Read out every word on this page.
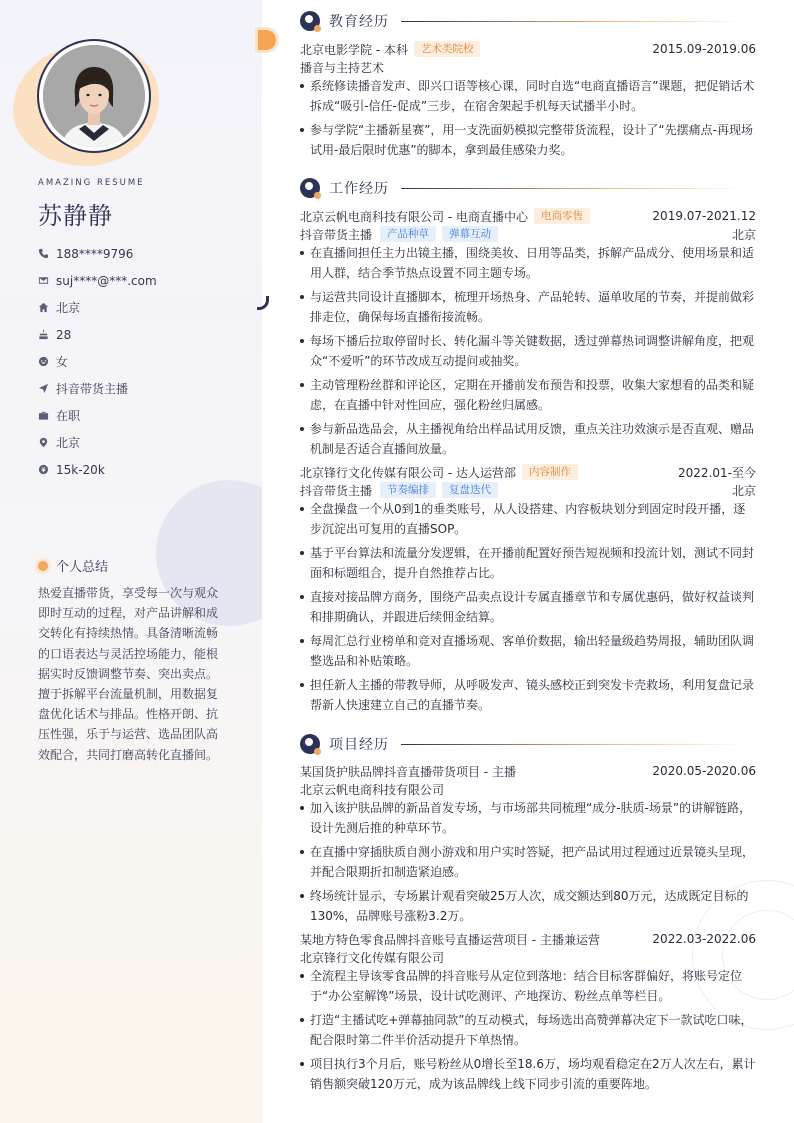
AMAZING RESUME
苏静静
188****9796
suj****@***.com
北京
28
女
抖音带货主播
在职
北京
15k-20k
个人总结
热爱直播带货，享受每一次与观众即时互动的过程，对产品讲解和成交转化有持续热情。具备清晰流畅的口语表达与灵活控场能力，能根据实时反馈调整节奏、突出卖点。擅于拆解平台流量机制，用数据复盘优化话术与排品。性格开朗、抗压性强，乐于与运营、选品团队高效配合，共同打磨高转化直播间。
教育经历
北京电影学院 - 本科	艺术类院校	2015.09-2019.06
播音与主持艺术
系统修读播音发声、即兴口语等核心课，同时自选“电商直播语言”课题，把促销话术拆成“吸引-信任-促成”三步，在宿舍架起手机每天试播半小时。
参与学院“主播新星赛”，用一支洗面奶模拟完整带货流程，设计了“先摆痛点-再现场试用-最后限时优惠”的脚本，拿到最佳感染力奖。
工作经历
北京云帆电商科技有限公司 - 电商直播中心	电商零售	2019.07-2021.12
抖音带货主播	产品种草	弹幕互动	北京
在直播间担任主力出镜主播，围绕美妆、日用等品类，拆解产品成分、使用场景和适用人群，结合季节热点设置不同主题专场。
与运营共同设计直播脚本，梳理开场热身、产品轮转、逼单收尾的节奏，并提前做彩排走位，确保每场直播衔接流畅。
每场下播后拉取停留时长、转化漏斗等关键数据，透过弹幕热词调整讲解角度，把观众“不爱听”的环节改成互动提问或抽奖。
主动管理粉丝群和评论区，定期在开播前发布预告和投票，收集大家想看的品类和疑虑，在直播中针对性回应，强化粉丝归属感。
参与新品选品会，从主播视角给出样品试用反馈，重点关注功效演示是否直观、赠品机制是否适合直播间放量。
北京锋行文化传媒有限公司 - 达人运营部	内容制作	2022.01-至今
抖音带货主播	节奏编排	复盘迭代	北京
全盘操盘一个从0到1的垂类账号，从人设搭建、内容板块划分到固定时段开播，逐步沉淀出可复用的直播SOP。
基于平台算法和流量分发逻辑，在开播前配置好预告短视频和投流计划，测试不同封面和标题组合，提升自然推荐占比。
直接对接品牌方商务，围绕产品卖点设计专属直播章节和专属优惠码，做好权益谈判和排期确认，并跟进后续佣金结算。
每周汇总行业榜单和竞对直播场观、客单价数据，输出轻量级趋势周报，辅助团队调整选品和补贴策略。
担任新人主播的带教导师，从呼吸发声、镜头感校正到突发卡壳救场，利用复盘记录帮新人快速建立自己的直播节奏。
项目经历
某国货护肤品牌抖音直播带货项目 - 主播	2020.05-2020.06
北京云帆电商科技有限公司
加入该护肤品牌的新品首发专场，与市场部共同梳理“成分-肤质-场景”的讲解链路，设计先测后推的种草环节。
在直播中穿插肤质自测小游戏和用户实时答疑，把产品试用过程通过近景镜头呈现，并配合限期折扣制造紧迫感。
终场统计显示，专场累计观看突破25万人次，成交额达到80万元，达成既定目标的130%，品牌账号涨粉3.2万。
某地方特色零食品牌抖音账号直播运营项目 - 主播兼运营	2022.03-2022.06
北京锋行文化传媒有限公司
全流程主导该零食品牌的抖音账号从定位到落地：结合目标客群偏好，将账号定位于“办公室解馋”场景，设计试吃测评、产地探访、粉丝点单等栏目。
打造“主播试吃+弹幕抽同款”的互动模式，每场选出高赞弹幕决定下一款试吃口味，配合限时第二件半价活动提升下单热情。
项目执行3个月后，账号粉丝从0增长至18.6万，场均观看稳定在2万人次左右，累计销售额突破120万元，成为该品牌线上线下同步引流的重要阵地。
